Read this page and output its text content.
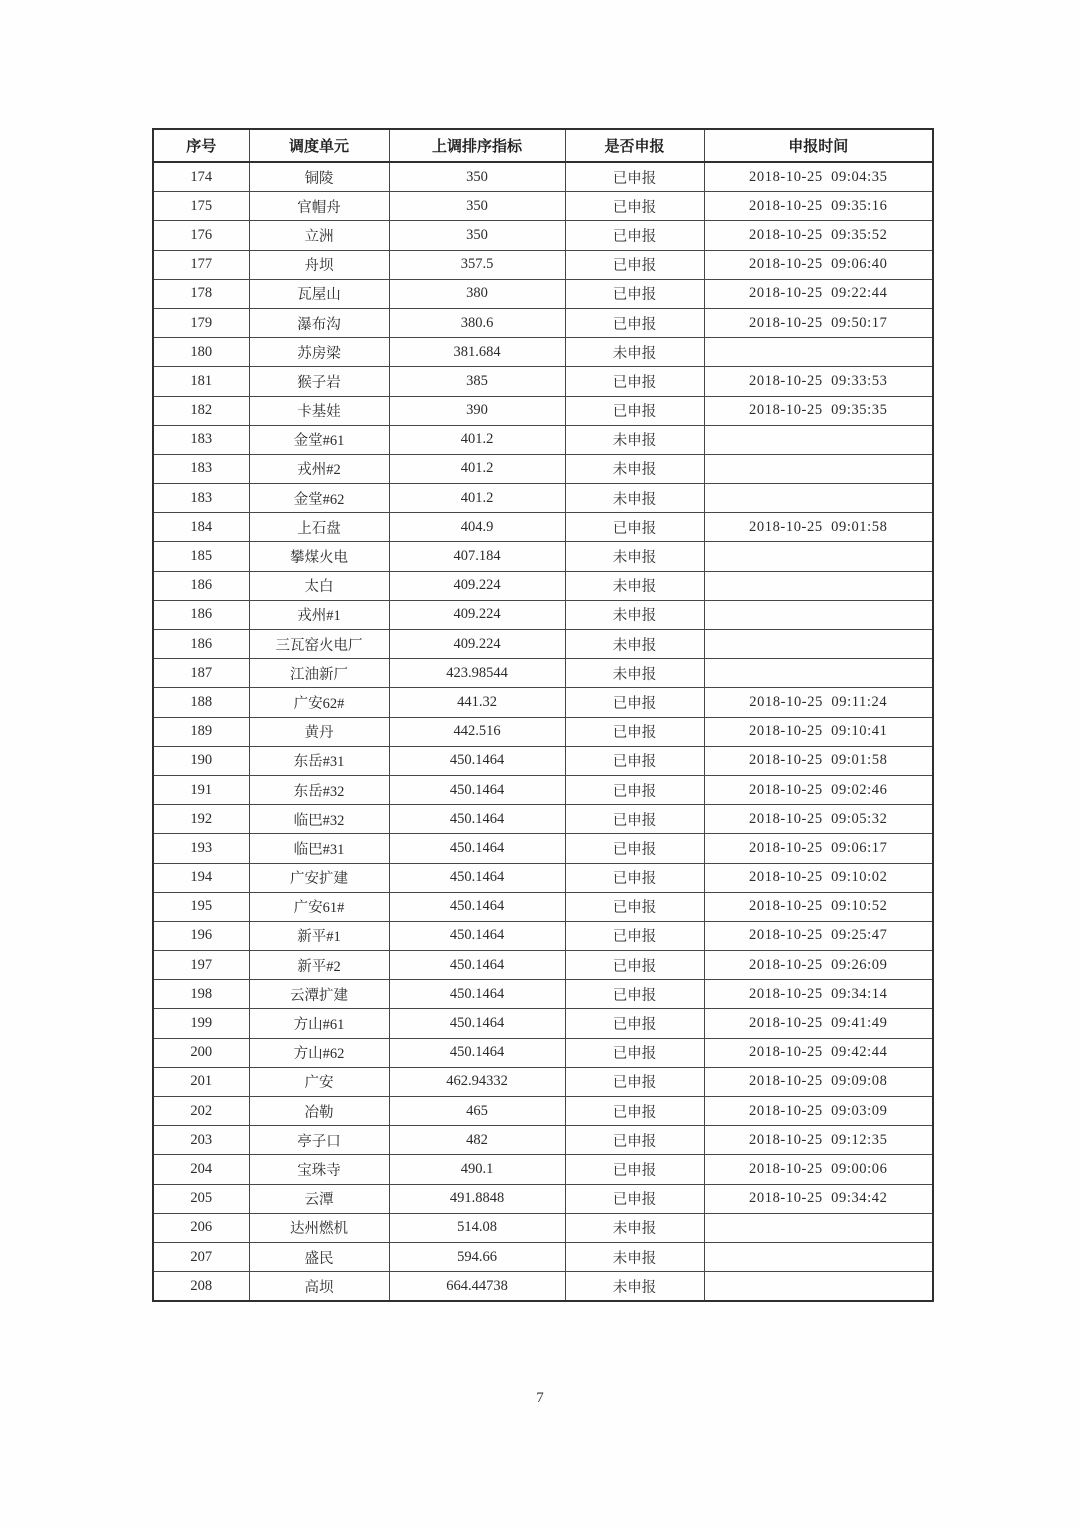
序号	调度单元	上调排序指标	是否申报	申报时间
174	铜陵	350	已申报	2018-10-25  09:04:35
175	官帽舟	350	已申报	2018-10-25  09:35:16
176	立洲	350	已申报	2018-10-25  09:35:52
177	舟坝	357.5	已申报	2018-10-25  09:06:40
178	瓦屋山	380	已申报	2018-10-25  09:22:44
179	瀑布沟	380.6	已申报	2018-10-25  09:50:17
180	苏房梁	381.684	未申报	
181	猴子岩	385	已申报	2018-10-25  09:33:53
182	卡基娃	390	已申报	2018-10-25  09:35:35
183	金堂#61	401.2	未申报	
183	戎州#2	401.2	未申报	
183	金堂#62	401.2	未申报	
184	上石盘	404.9	已申报	2018-10-25  09:01:58
185	攀煤火电	407.184	未申报	
186	太白	409.224	未申报	
186	戎州#1	409.224	未申报	
186	三瓦窑火电厂	409.224	未申报	
187	江油新厂	423.98544	未申报	
188	广安62#	441.32	已申报	2018-10-25  09:11:24
189	黄丹	442.516	已申报	2018-10-25  09:10:41
190	东岳#31	450.1464	已申报	2018-10-25  09:01:58
191	东岳#32	450.1464	已申报	2018-10-25  09:02:46
192	临巴#32	450.1464	已申报	2018-10-25  09:05:32
193	临巴#31	450.1464	已申报	2018-10-25  09:06:17
194	广安扩建	450.1464	已申报	2018-10-25  09:10:02
195	广安61#	450.1464	已申报	2018-10-25  09:10:52
196	新平#1	450.1464	已申报	2018-10-25  09:25:47
197	新平#2	450.1464	已申报	2018-10-25  09:26:09
198	云潭扩建	450.1464	已申报	2018-10-25  09:34:14
199	方山#61	450.1464	已申报	2018-10-25  09:41:49
200	方山#62	450.1464	已申报	2018-10-25  09:42:44
201	广安	462.94332	已申报	2018-10-25  09:09:08
202	冶勒	465	已申报	2018-10-25  09:03:09
203	亭子口	482	已申报	2018-10-25  09:12:35
204	宝珠寺	490.1	已申报	2018-10-25  09:00:06
205	云潭	491.8848	已申报	2018-10-25  09:34:42
206	达州燃机	514.08	未申报	
207	盛民	594.66	未申报	
208	高坝	664.44738	未申报	
7
